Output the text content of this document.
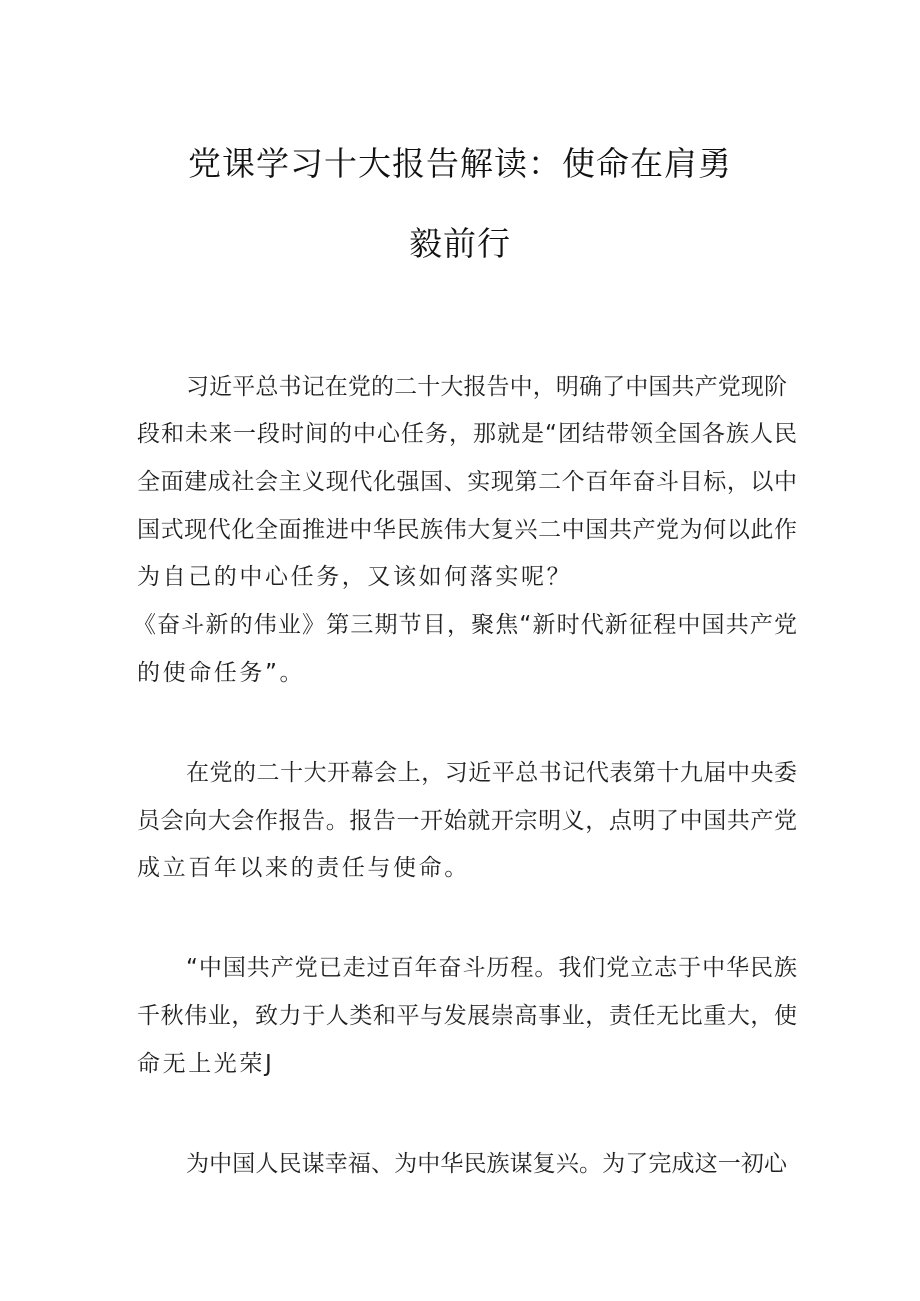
党课学习十大报告解读：使命在肩勇
毅前行
习近平总书记在党的二十大报告中，明确了中国共产党现阶
段和未来一段时间的中心任务，那就是“团结带领全国各族人民
全面建成社会主义现代化强国、实现第二个百年奋斗目标，以中
国式现代化全面推进中华民族伟大复兴二中国共产党为何以此作
为自己的中心任务，又该如何落实呢？
《奋斗新的伟业》第三期节目，聚焦“新时代新征程中国共产党
的使命任务”。
在党的二十大开幕会上，习近平总书记代表第十九届中央委
员会向大会作报告。报告一开始就开宗明义，点明了中国共产党
成立百年以来的责任与使命。
“中国共产党已走过百年奋斗历程。我们党立志于中华民族
千秋伟业，致力于人类和平与发展崇高事业，责任无比重大，使
命无上光荣J
为中国人民谋幸福、为中华民族谋复兴。为了完成这一初心
